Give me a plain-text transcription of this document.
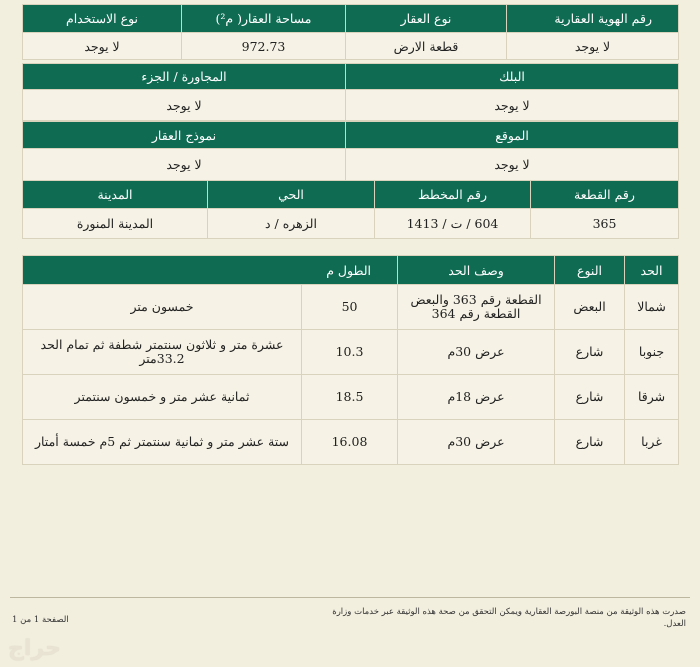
رقم الهوية العقارية	نوع العقار	مساحة العقار( م²)	نوع الاستخدام
لا يوجد	قطعة الارض	972.73	لا يوجد
البلك	المجاورة / الجزء
لا يوجد	لا يوجد
الموقع	نموذج العقار
لا يوجد	لا يوجد
رقم القطعة	رقم المخطط	الحي	المدينة
365	604 / ت / 1413	الزهره / د	المدينة المنورة
الحد	النوع	وصف الحد	الطول م	
شمالا	البعض	القطعة رقم 363 والبعض القطعة رقم 364	50	خمسون متر
جنوبا	شارع	عرض 30م	10.3	عشرة متر و ثلاثون سنتمتر شطفة ثم تمام الحد 33.2متر
شرقا	شارع	عرض 18م	18.5	ثمانية عشر متر و خمسون سنتمتر
غربا	شارع	عرض 30م	16.08	ستة عشر متر و ثمانية سنتمتر ثم 5م خمسة أمتار
صدرت هذه الوثيقة من منصة البورصة العقارية ويمكن التحقق من صحة هذه الوثيقة عبر خدمات وزارة العدل.
الصفحة 1 من 1
حراج
